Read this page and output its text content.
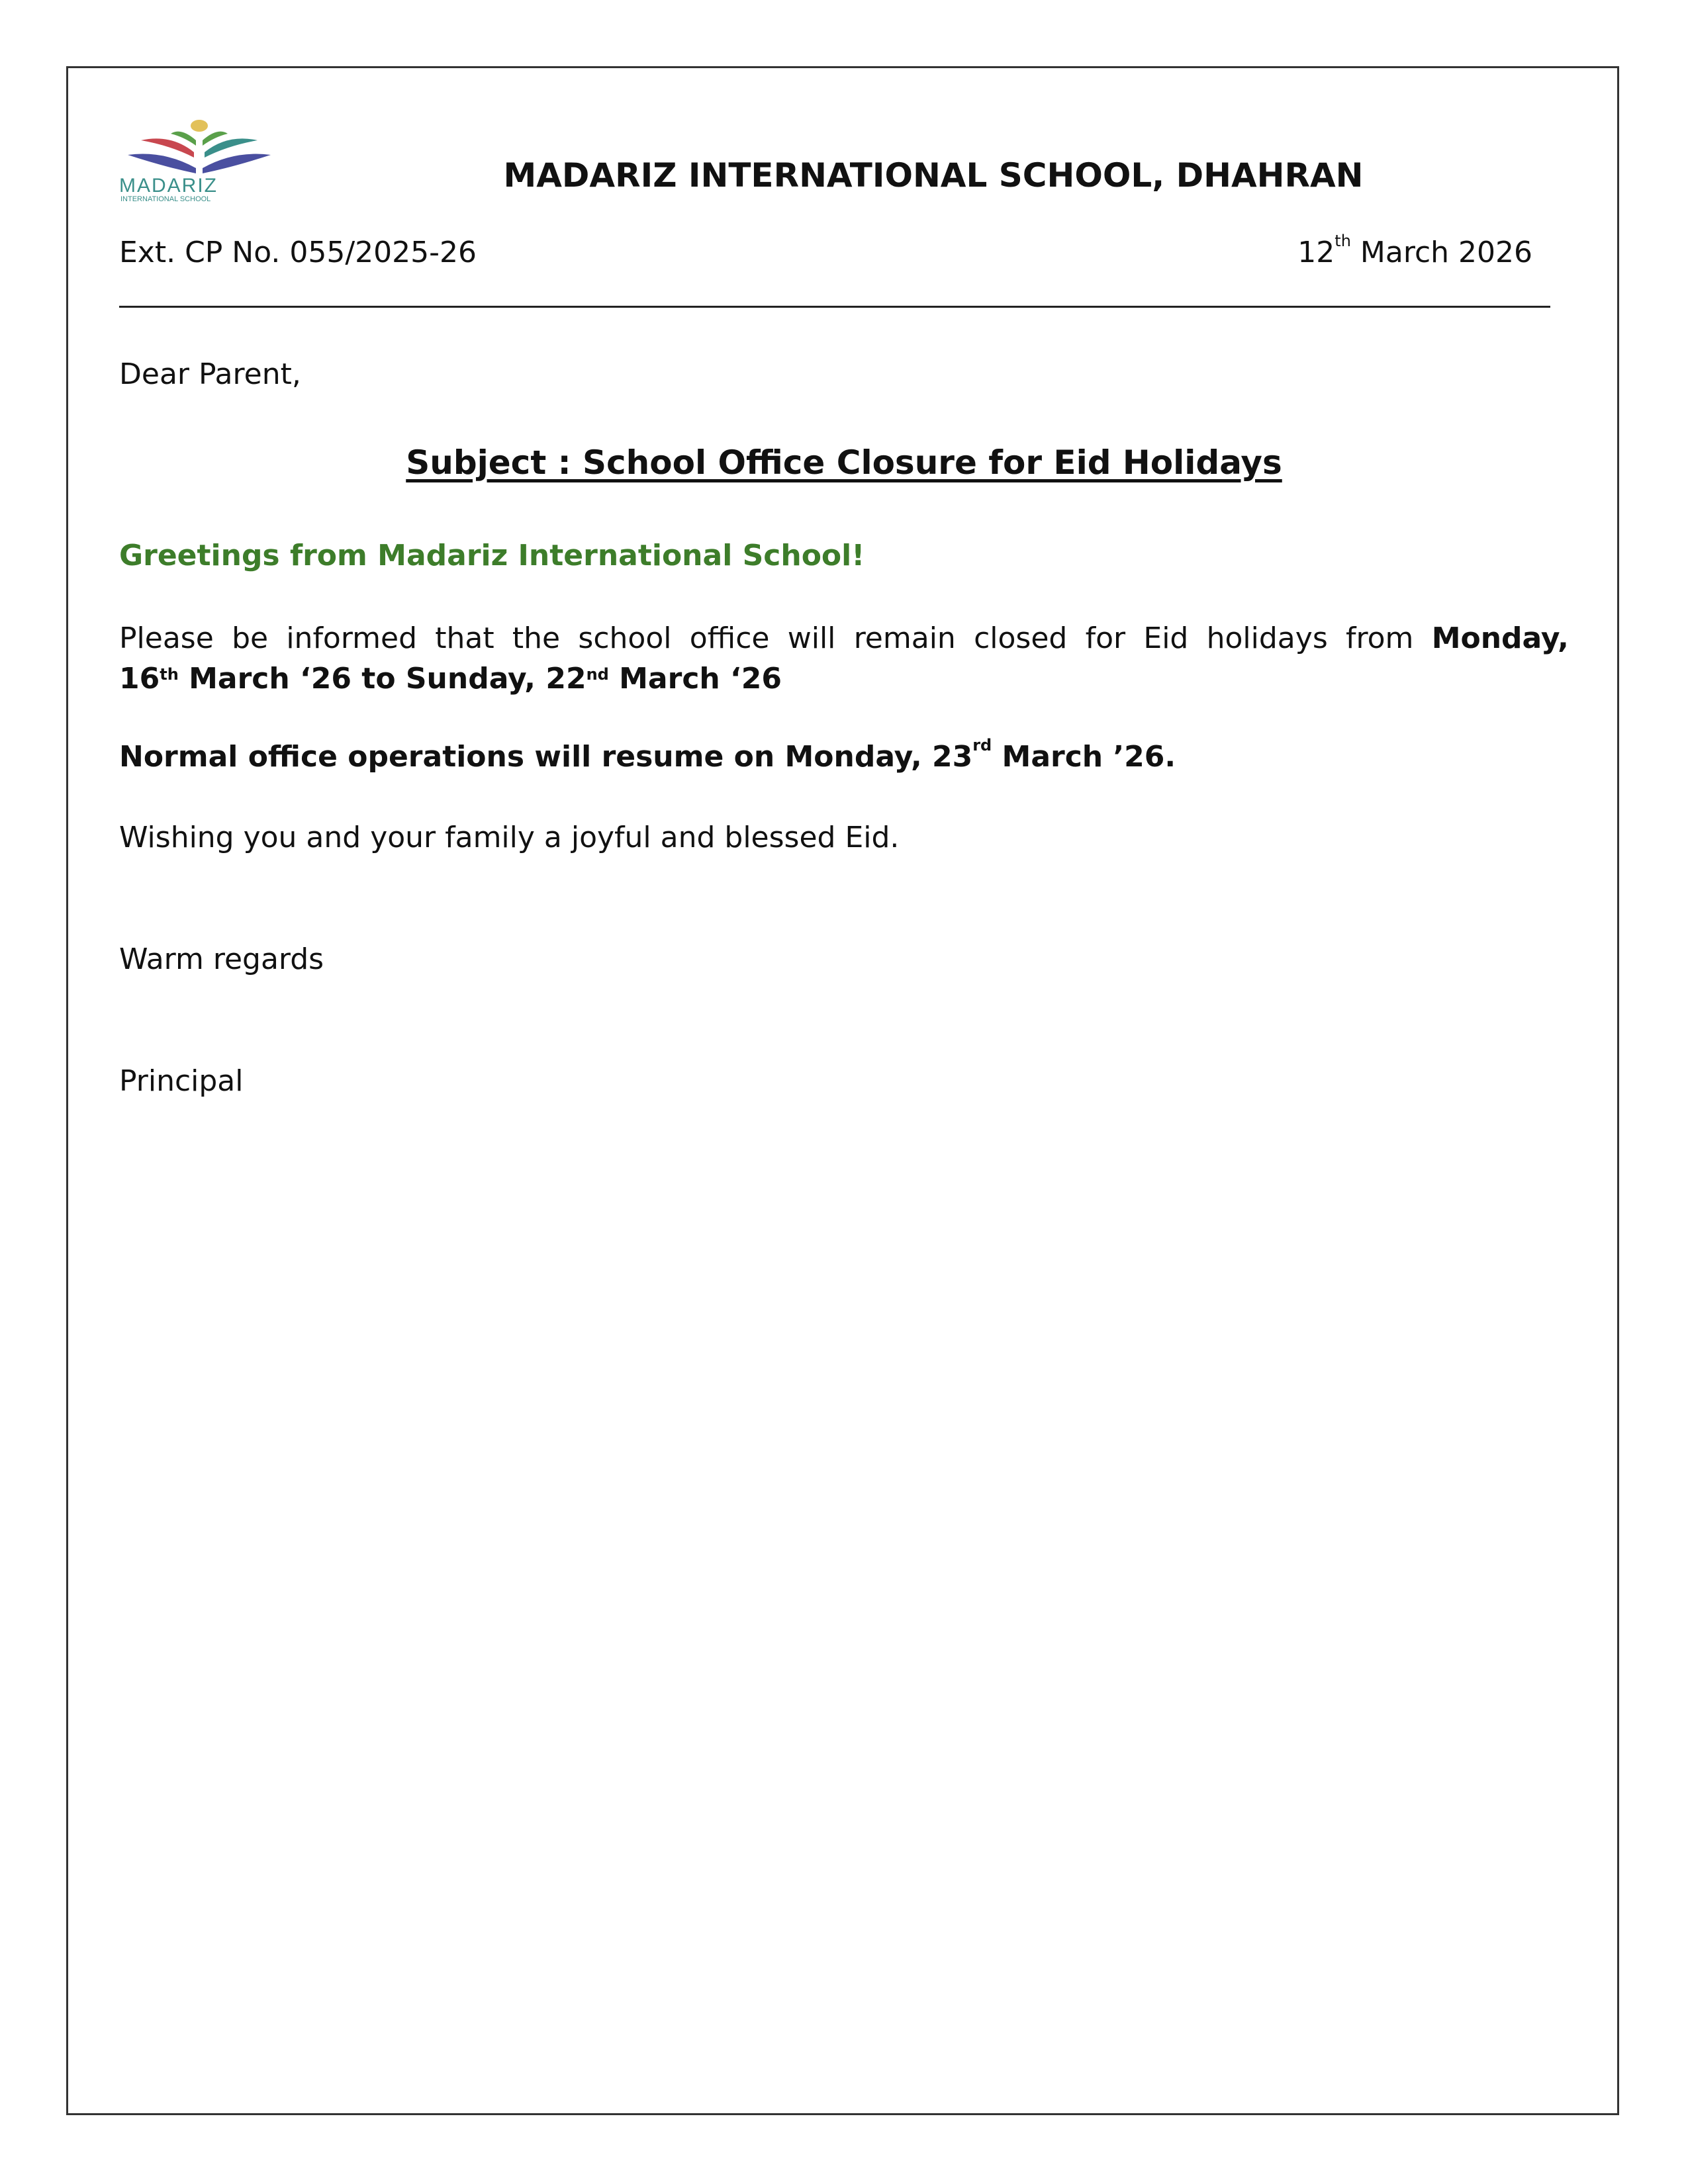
MADARIZ
INTERNATIONAL SCHOOL
MADARIZ INTERNATIONAL SCHOOL, DHAHRAN
Ext. CP No. 055/2025-26	12th March 2026
Dear Parent,
Subject : School Office Closure for Eid Holidays
Greetings from Madariz International School!
Please be informed that the school office will remain closed for Eid holidays from Monday,
16th March ‘26 to Sunday, 22nd March ‘26
Normal office operations will resume on Monday, 23rd March ’26.
Wishing you and your family a joyful and blessed Eid.
Warm regards
Principal
